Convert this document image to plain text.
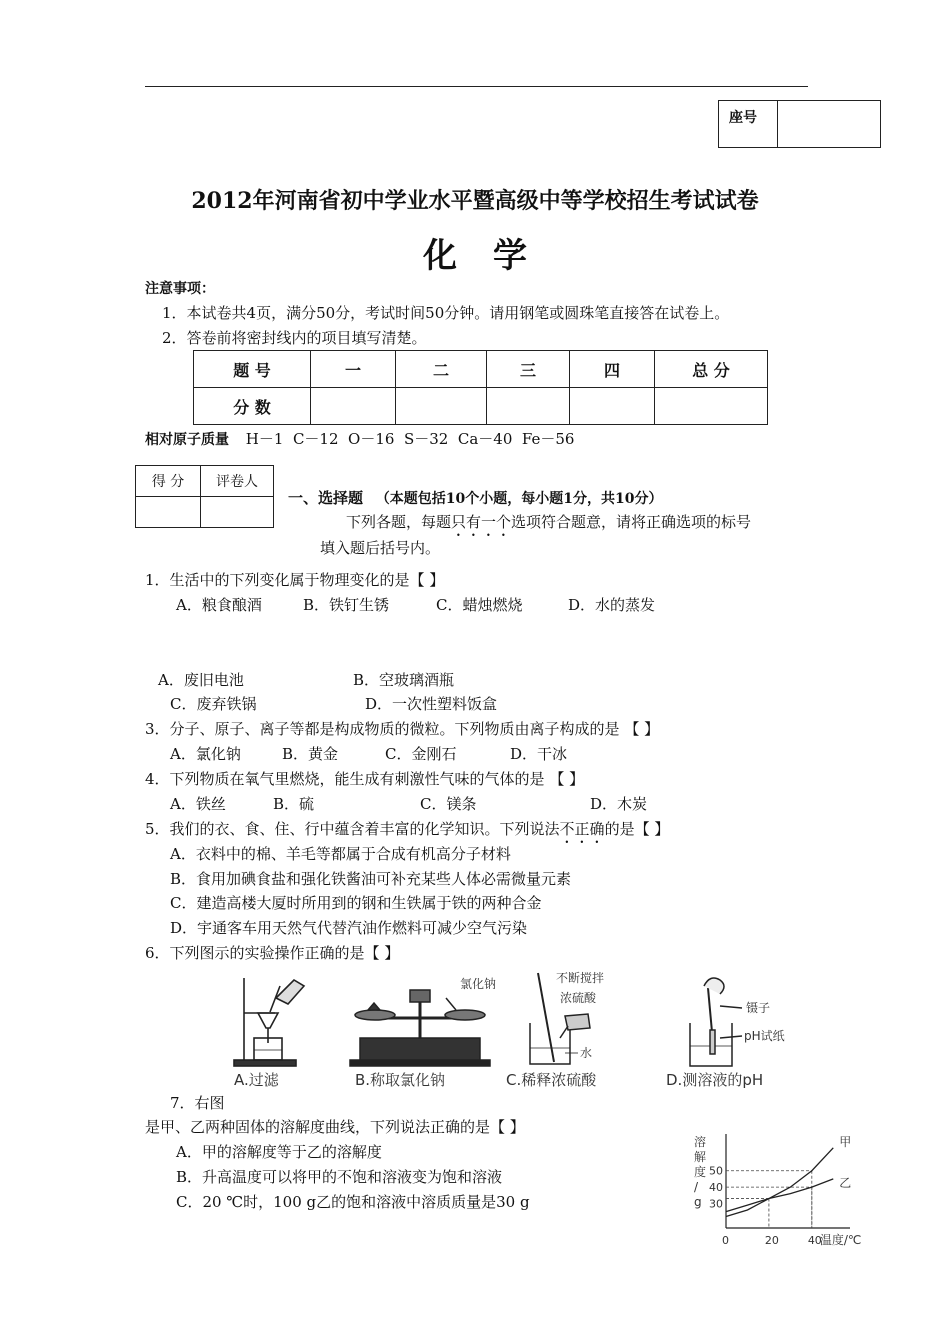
座号	
2012年河南省初中学业水平暨高级中等学校招生考试试卷
化学
注意事项：
1．本试卷共4页，满分50分，考试时间50分钟。请用钢笔或圆珠笔直接答在试卷上。
2．答卷前将密封线内的项目填写清楚。
题 号	一	二	三	四	总 分
分 数					
相对原子质量 H－1  C－12  O－16  S－32  Ca－40  Fe－56
得 分	评卷人

一、选择题 （本题包括10个小题，每小题1分，共10分）
下列各题，每题只有一个选项符合题意，请将正确选项的标号
填入题后括号内。
1．生活中的下列变化属于物理变化的是【 】
A．粮食酿酒	B．铁钉生锈	C．蜡烛燃烧	D．水的蒸发
A．废旧电池	B．空玻璃酒瓶
C．废弃铁锅	D．一次性塑料饭盒
3．分子、原子、离子等都是构成物质的微粒。下列物质由离子构成的是 【 】
A．氯化钠	B．黄金	C．金刚石	D．干冰
4．下列物质在氧气里燃烧，能生成有刺激性气味的气体的是 【 】
A．铁丝	B．硫	C．镁条	D．木炭
5．我们的衣、食、住、行中蕴含着丰富的化学知识。下列说法不正确的是【 】
A．衣料中的棉、羊毛等都属于合成有机高分子材料
B．食用加碘食盐和强化铁酱油可补充某些人体必需微量元素
C．建造高楼大厦时所用到的钢和生铁属于铁的两种合金
D．宇通客车用天然气代替汽油作燃料可减少空气污染
6．下列图示的实验操作正确的是【 】
A.过滤
氯化钠
B.称取氯化钠
不断搅拌
浓硫酸
水
C.稀释浓硫酸
镊子
pH试纸
D.测溶液的pH
7．右图
是甲、乙两种固体的溶解度曲线，下列说法正确的是【 】
A．甲的溶解度等于乙的溶解度
B．升高温度可以将甲的不饱和溶液变为饱和溶液
C．20 ℃时，100 g乙的饱和溶液中溶质质量是30 g
溶
解
度
/
g
0	20	40
30
40
50
甲
乙
温度/℃
